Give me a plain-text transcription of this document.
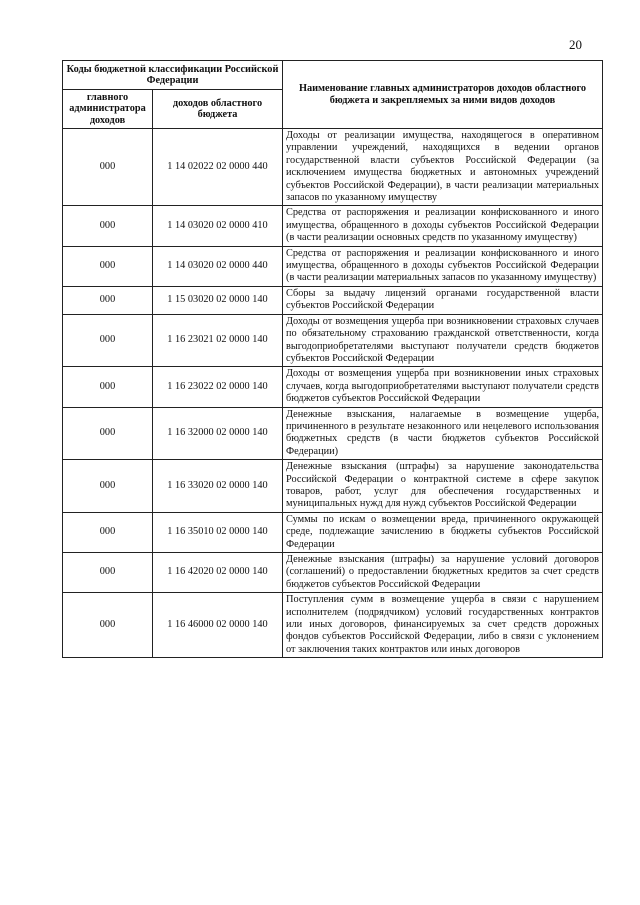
20
Коды бюджетной классификации Российской Федерации		Наименование главных администраторов доходов областного бюджета и закрепляемых за ними видов доходов
главного администратора доходов	доходов областного бюджета	
000	1 14 02022 02 0000 440	Доходы от реализации имущества, находящегося в оперативном управлении учреждений, находящихся в ведении органов государственной власти субъектов Российской Федерации (за исключением имущества бюджетных и автономных учреждений субъектов Российской Федерации), в части реализации материальных запасов по указанному имуществу
000	1 14 03020 02 0000 410	Средства от распоряжения и реализации конфискованного и иного имущества, обращенного в доходы субъектов Российской Федерации (в части реализации основных средств по указанному имуществу)
000	1 14 03020 02 0000 440	Средства от распоряжения и реализации конфискованного и иного имущества, обращенного в доходы субъектов Российской Федерации (в части реализации материальных запасов по указанному имуществу)
000	1 15 03020 02 0000 140	Сборы за выдачу лицензий органами государственной власти субъектов Российской Федерации
000	1 16 23021 02 0000 140	Доходы от возмещения ущерба при возникновении страховых случаев по обязательному страхованию гражданской ответственности, когда выгодоприобретателями выступают получатели средств бюджетов субъектов Российской Федерации
000	1 16 23022 02 0000 140	Доходы от возмещения ущерба при возникновении иных страховых случаев, когда выгодоприобретателями выступают получатели средств бюджетов субъектов Российской Федерации
000	1 16 32000 02 0000 140	Денежные взыскания, налагаемые в возмещение ущерба, причиненного в результате незаконного или нецелевого использования бюджетных средств (в части бюджетов субъектов Российской Федерации)
000	1 16 33020 02 0000 140	Денежные взыскания (штрафы) за нарушение законодательства Российской Федерации о контрактной системе в сфере закупок товаров, работ, услуг для обеспечения государственных и муниципальных нужд для нужд субъектов Российской Федерации
000	1 16 35010 02 0000 140	Суммы по искам о возмещении вреда, причиненного окружающей среде, подлежащие зачислению в бюджеты субъектов Российской Федерации
000	1 16 42020 02 0000 140	Денежные взыскания (штрафы) за нарушение условий договоров (соглашений) о предоставлении бюджетных кредитов за счет средств бюджетов субъектов Российской Федерации
000	1 16 46000 02 0000 140	Поступления сумм в возмещение ущерба в связи с нарушением исполнителем (подрядчиком) условий государственных контрактов или иных договоров, финансируемых за счет средств дорожных фондов субъектов Российской Федерации, либо в связи с уклонением от заключения таких контрактов или иных договоров
